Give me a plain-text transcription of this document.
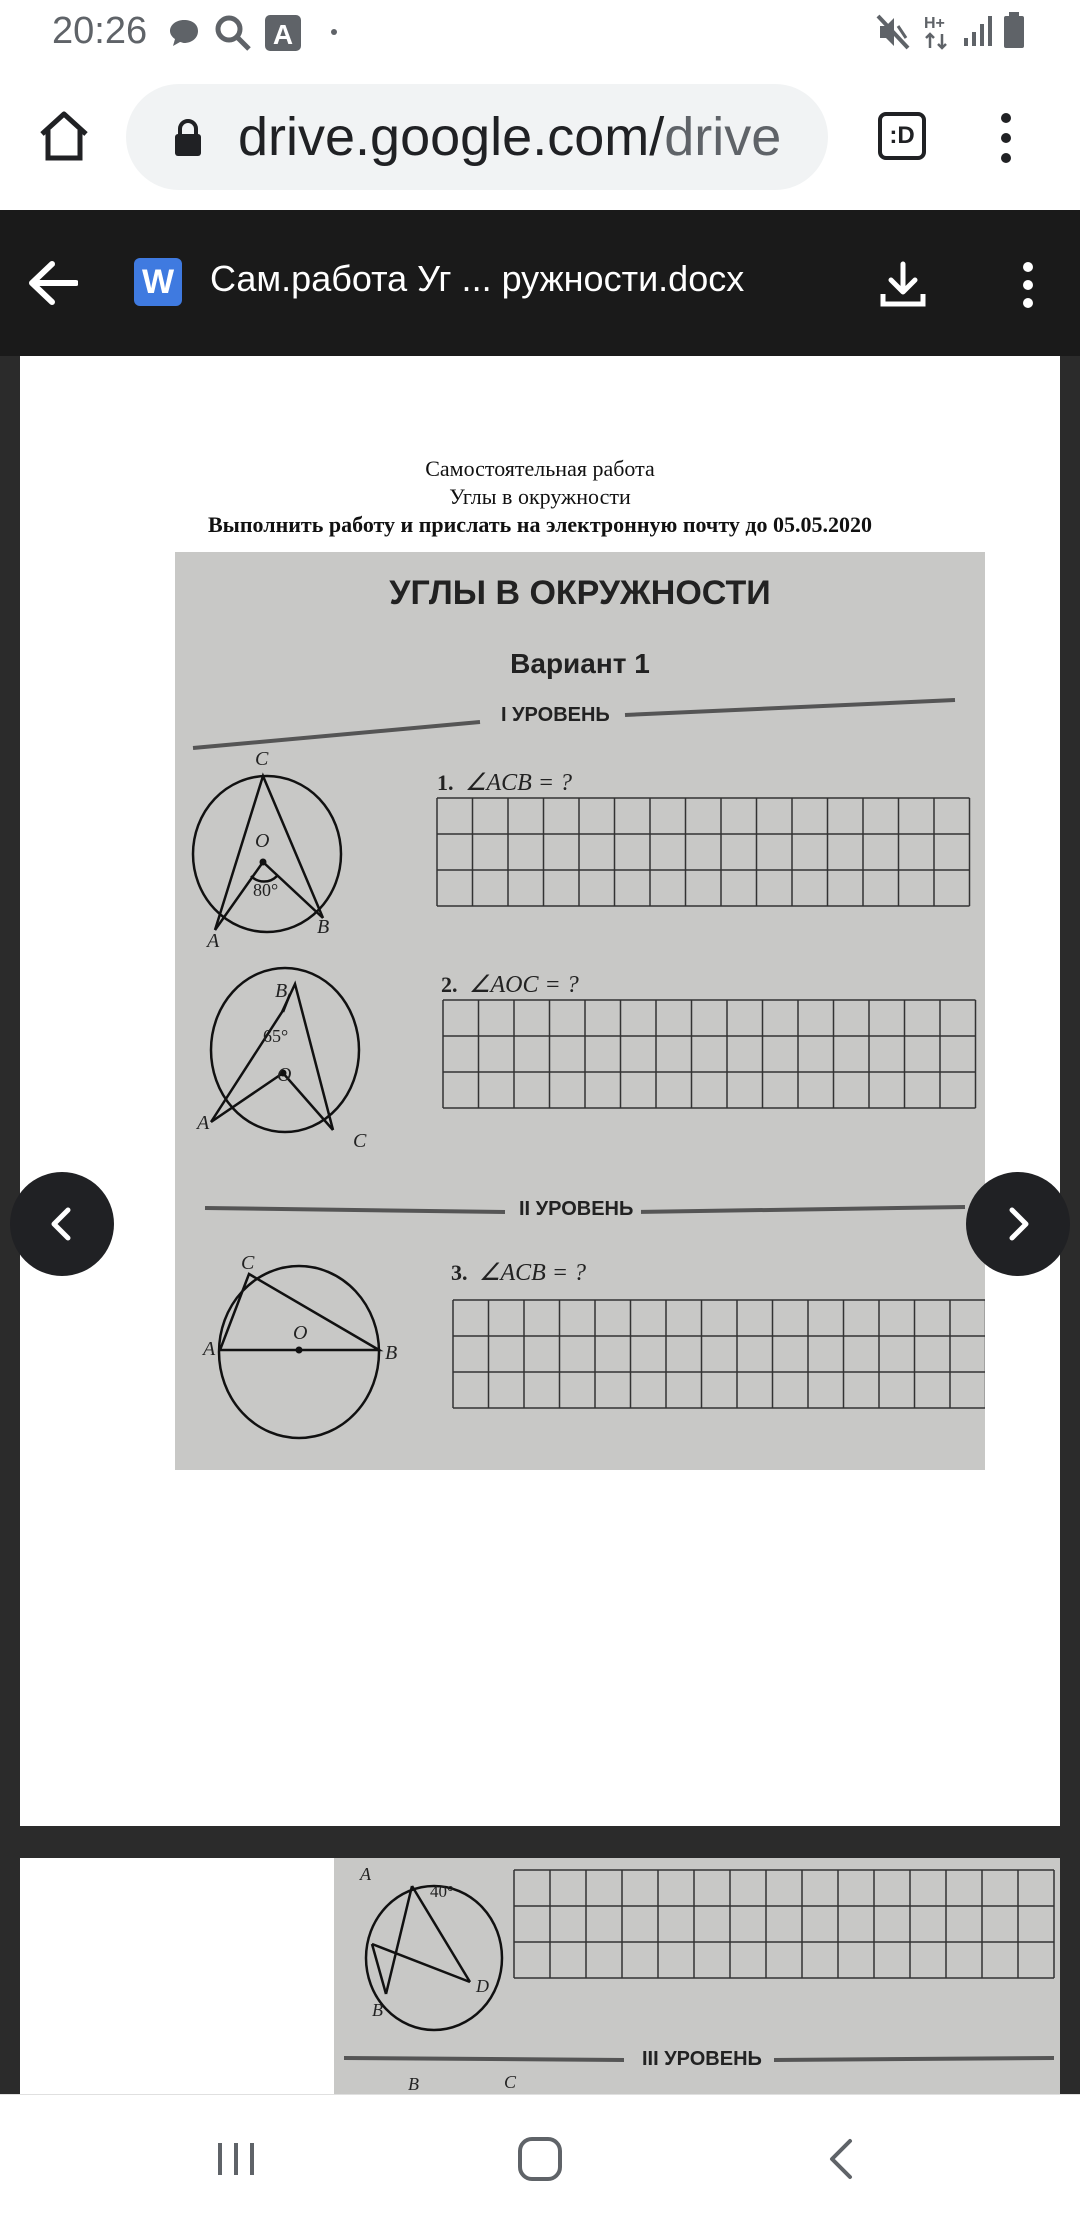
20:26	A	H+
drive.google.com/drive	:D
W Сам.работа Уг ... ружности.docx
Самостоятельная работа
Углы в окружности
Выполнить работу и прислать на электронную почту до 05.05.2020
УГЛЫ В ОКРУЖНОСТИ
Вариант 1
C
O
80°
A
B
B
65°
O
A
C
C
O
A	B
I УРОВЕНЬ
II УРОВЕНЬ
1. ∠ACB = ?
2. ∠AOC = ?
3. ∠ACB = ?
A
40°
B
D
III УРОВЕНЬ
B	C
